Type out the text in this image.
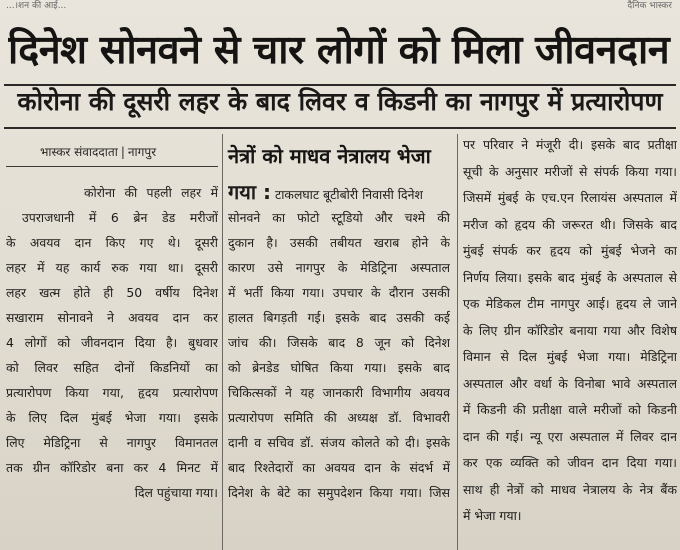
...।शन की आई...	दैनिक भास्कर
दिनेश सोनवने से चार लोगों को मिला जीवनदान
कोरोना की दूसरी लहर के बाद लिवर व किडनी का नागपुर में प्रत्यारोपण
भास्कर संवाददाता | नागपुर
कोरोना की पहली लहर में
उपराजधानी में 6 ब्रेन डेड मरीजों
के अवयव दान किए गए थे। दूसरी
लहर में यह कार्य रुक गया था। दूसरी
लहर खत्म होते ही 50 वर्षीय दिनेश
सखाराम सोनावने ने अवयव दान कर
4 लोगों को जीवनदान दिया है। बुधवार
को लिवर सहित दोनों किडनियों का
प्रत्यारोपण किया गया, हृदय प्रत्यारोपण
के लिए दिल मुंबई भेजा गया। इसके
लिए मेडिट्रिना से नागपुर विमानतल
तक ग्रीन कॉरिडोर बना कर 4 मिनट में
दिल पहुंचाया गया।
नेत्रों को माधव नेत्रालय भेजा
गया : टाकलघाट बूटीबोरी निवासी दिनेश
सोनवने का फोटो स्टूडियो और चश्मे की
दुकान है। उसकी तबीयत खराब होने के
कारण उसे नागपुर के मेडिट्रिना अस्पताल
में भर्ती किया गया। उपचार के दौरान उसकी
हालत बिगड़ती गई। इसके बाद उसकी कई
जांच की। जिसके बाद 8 जून को दिनेश
को ब्रेनडेड घोषित किया गया। इसके बाद
चिकित्सकों ने यह जानकारी विभागीय अवयव
प्रत्यारोपण समिति की अध्यक्ष डॉ. विभावरी
दानी व सचिव डॉ. संजय कोलते को दी। इसके
बाद रिश्तेदारों का अवयव दान के संदर्भ में
दिनेश के बेटे का समुपदेशन किया गया। जिस
पर परिवार ने मंजूरी दी। इसके बाद प्रतीक्षा
सूची के अनुसार मरीजों से संपर्क किया गया।
जिसमें मुंबई के एच.एन रिलायंस अस्पताल में
मरीज को हृदय की जरूरत थी। जिसके बाद
मुंबई संपर्क कर हृदय को मुंबई भेजने का
निर्णय लिया। इसके बाद मुंबई के अस्पताल से
एक मेडिकल टीम नागपुर आई। हृदय ले जाने
के लिए ग्रीन कॉरिडोर बनाया गया और विशेष
विमान से दिल मुंबई भेजा गया। मेडिट्रिना
अस्पताल और वर्धा के विनोबा भावे अस्पताल
में किडनी की प्रतीक्षा वाले मरीजों को किडनी
दान की गई। न्यू एरा अस्पताल में लिवर दान
कर एक व्यक्ति को जीवन दान दिया गया।
साथ ही नेत्रों को माधव नेत्रालय के नेत्र बैंक
में भेजा गया।
